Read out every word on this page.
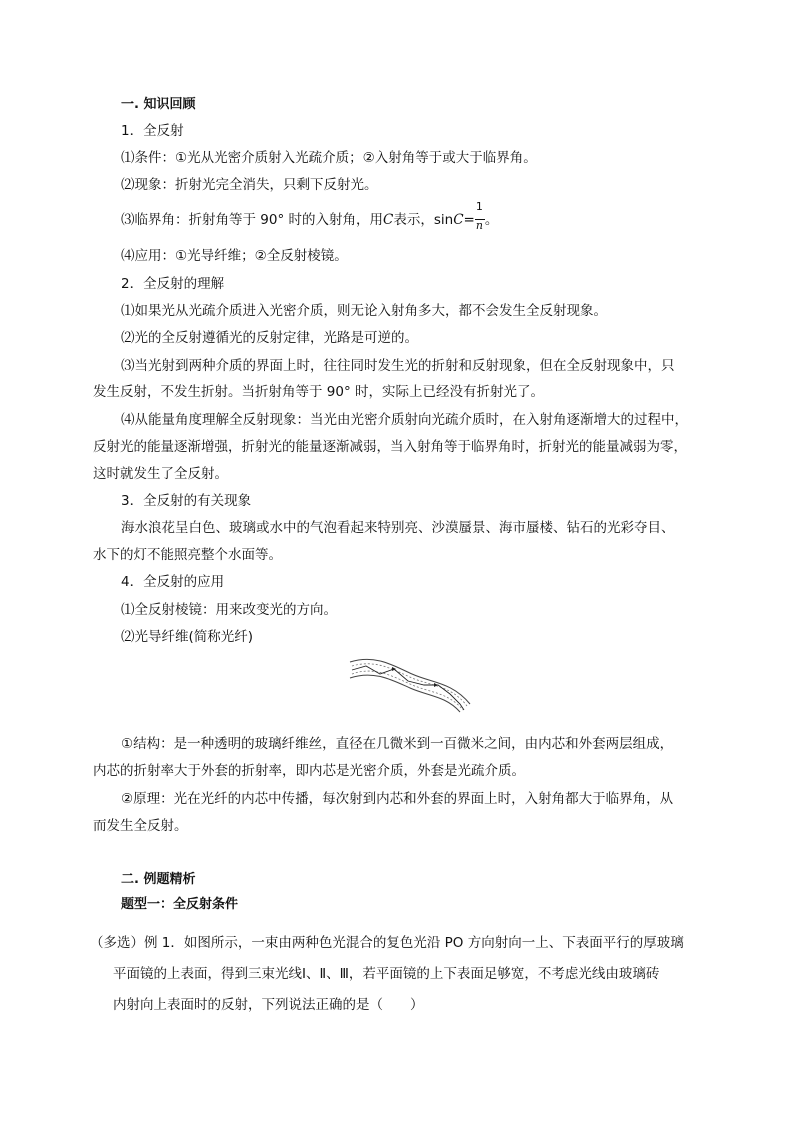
一. 知识回顾
1．全反射
⑴条件：①光从光密介质射入光疏介质；②入射角等于或大于临界角。
⑵现象：折射光完全消失，只剩下反射光。
⑶临界角：折射角等于 90° 时的入射角，用C表示，$\sin C= \frac{1}{n}$ 。
⑷应用：①光导纤维；②全反射棱镜。
2．全反射的理解
⑴如果光从光疏介质进入光密介质，则无论入射角多大，都不会发生全反射现象。
⑵光的全反射遵循光的反射定律，光路是可逆的。
⑶当光射到两种介质的界面上时，往往同时发生光的折射和反射现象，但在全反射现象中，只
发生反射，不发生折射。当折射角等于 90° 时，实际上已经没有折射光了。
⑷从能量角度理解全反射现象：当光由光密介质射向光疏介质时，在入射角逐渐增大的过程中，
反射光的能量逐渐增强，折射光的能量逐渐减弱，当入射角等于临界角时，折射光的能量减弱为零，
这时就发生了全反射。
3．全反射的有关现象
海水浪花呈白色、玻璃或水中的气泡看起来特别亮、沙漠蜃景、海市蜃楼、钻石的光彩夺目、
水下的灯不能照亮整个水面等。
4．全反射的应用
⑴全反射棱镜：用来改变光的方向。
⑵光导纤维(简称光纤)
①结构：是一种透明的玻璃纤维丝，直径在几微米到一百微米之间，由内芯和外套两层组成，
内芯的折射率大于外套的折射率，即内芯是光密介质，外套是光疏介质。
②原理：光在光纤的内芯中传播，每次射到内芯和外套的界面上时，入射角都大于临界角，从
而发生全反射。
二. 例题精析
题型一：全反射条件
（多选）例 1．如图所示，一束由两种色光混合的复色光沿 PO 方向射向一上、下表面平行的厚玻璃
平面镜的上表面，得到三束光线Ⅰ、Ⅱ、Ⅲ，若平面镜的上下表面足够宽，不考虑光线由玻璃砖
内射向上表面时的反射，下列说法正确的是（　　）
